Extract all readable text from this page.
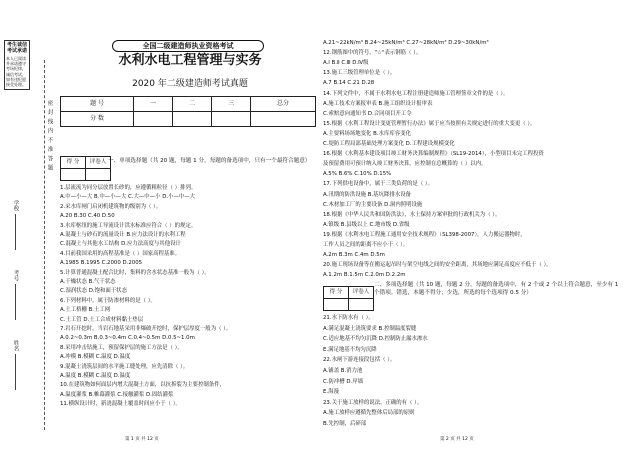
考生诚信考试承诺
本人已阅读并承诺遵守考场纪律，诚信考试，如有违纪愿接受处理。
密 封 线 内 不 准 答 题
学校
考号
姓名
全国二级建造师执业资格考试
水利水电工程管理与实务
2020 年二级建造师考试真题
题 号	一	二	三	总分
分 数				
得 分	评卷人
	一、单项选择题（共 20 题，每题 1 分，每题的备选项中，只有一个最符合题意）
1.层流流为同分层放置长砂的，应遵循粗粒径（ ）排列。
A.中—小—大 B.中—小—大 C.大—中—小 D.小—中—大
2.采水库闸门启闭机建筑物的级别为（ ）。
A.20 B.30 C.40 D.50
3.水库枢纽的施工导流设计洪水标准应符合（ ）的规定。
A.混凝土与砂石的流量设计 B.应力法设计的水利工程
C.混凝土与其他水工结构 D.应力法高度与其他设计
4.目前我国采用的高程基准是（ ）国家高程基准。
A.1985 B.1995 C.2000 D.2005
5.计算普通混凝土配合比时，集料的含水状态基准一般为（ ）。
A.干燥状态 B.气干状态
C.湿润状态 D.饱和面干状态
6.下列材料中，属于防渗材料的是（ ）。
A.土工格栅 B.土工网
C.土工管 D.土工合成材料黏土垫层
7.岩石开挖时，当岩石地基采用非爆破开挖时，保护层厚度一般为（ ）。
A.0.2~0.3m B.0.3~0.4m C.0.4~0.5m D.0.5~1.0m
8.采用冲击钻施工，预留保护层的施工方法是（ ）。
A.冲模 B.模糊 C.温度 D.温度
9.混凝土浇筑层间的水平施工缝处理，应先清除（ ）。
A.温度 B.模糊 C.温度 D.温度
10.在建筑物如何面层内增大混凝土方面，以抗拆裂为主要控制条件，
A.温度灌浆 B.帷幕灌浆 C.接触灌浆 D.固结灌浆
11.横纵设计时，新浇混凝土覆盖时间应小于（ ）。
A.21~22kN/m³ B.24~25kN/m³ C.27~28kN/m³ D.29~30kN/m³
12.钢筋图中的符号，"☆"表示钢筋（ ）。
A.Ⅰ B.Ⅱ C.Ⅲ D.Ⅳ级
13.施工三级管理单位是（ ）。
A.7 B.14 C.21 D.28
14.下列文件中，不属于水利水电工程注册建造师施工管理签章文件的是（ ）。
A.施工技术方案报审表 B.施工组织设计报审表
C.索赔意向通知书 D.合同项目开工令
15.根据《水利工程设计变更管理暂行办法》属于应当按照有关规定进行的重大变更（ ）。
A.主要料场场地变化 B.水库库容变化
C.堤防工程局部基础处理方案变化 D.工程建设规模变化
16.根据《水利基本建设项目竣工财务决算编制规程》（SL19-2014），小型项目未完工程投资
及预留费用可预计纳入竣工财务决算，应控制在总概算的（ ）以内。
A.5% B.6% C.10% D.15%
17.下列供电设备中，属于三类负荷的是（ ）。
A.汛期的防洪设施 B.基坑降排水设备
C.木材加工厂的主要设备 D.洞内照明设施
18.根据《中华人民共和国防洪法》，水土保持方案审批的行政机关为（ ）。
A.镇级 B.县级以上 C.地市级 D.省级
19.根据《水利水电工程施工通用安全技术规程》（SL398-2007），人力搬运器物时，
工作人员之间的距离不应小于（ ）。
A.2m B.3m C.4m D.5m
20.施工现场设备等在搬运起吊时与架空电线之间的安全距离，其场地应满足高度应不低于（ ）。
A.1.2m B.1.5m C.2.0m D.2.2m
得 分	评卷人

二、多项选择题（共 10 题，每题 2 分，每题的备选项中，有 2 个或 2 个以上符合题意，至少有 1 个错项。错选，本题不得分；少选，所选的每个选项得 0.5 分）
21.水下防水有（ ）。
A.满足混凝土浇筑要求 B.控制温度裂缝
C.适应地基不均匀沉降 D.控制防止漏水渗水
E.满足地基不均匀沉降
22.水闸下游连接段包括（ ）。
A.铺盖 B.消力池
C.防冲槽 D.岸墙
E.海漫
23.关于施工放样的说法，正确的有（ ）。
A.施工放样应遵循先整体后局部的原则
B.先控制，后碎部
第 1 页 共 12 页	第 2 页 共 12 页
